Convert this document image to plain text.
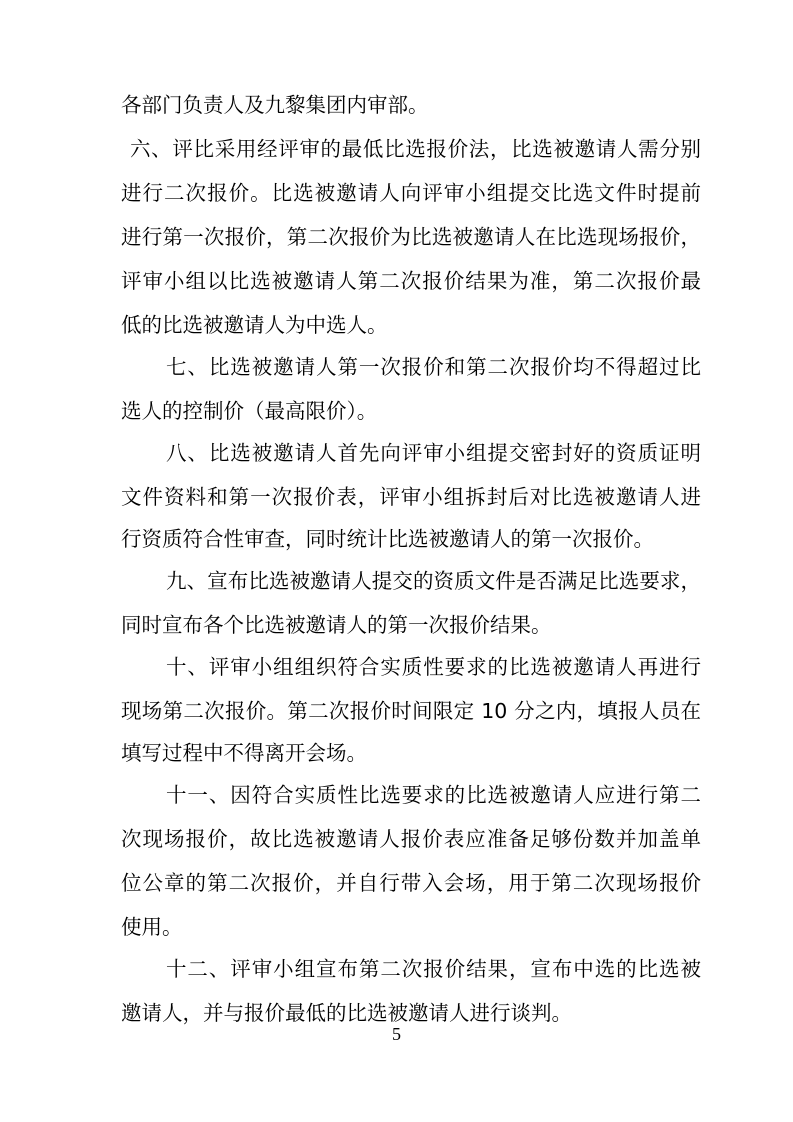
各部门负责人及九黎集团内审部。
六、评比采用经评审的最低比选报价法，比选被邀请人需分别
进行二次报价。比选被邀请人向评审小组提交比选文件时提前
进行第一次报价，第二次报价为比选被邀请人在比选现场报价，
评审小组以比选被邀请人第二次报价结果为准，第二次报价最
低的比选被邀请人为中选人。
七、比选被邀请人第一次报价和第二次报价均不得超过比
选人的控制价（最高限价）。
八、比选被邀请人首先向评审小组提交密封好的资质证明
文件资料和第一次报价表，评审小组拆封后对比选被邀请人进
行资质符合性审查，同时统计比选被邀请人的第一次报价。
九、宣布比选被邀请人提交的资质文件是否满足比选要求，
同时宣布各个比选被邀请人的第一次报价结果。
十、评审小组组织符合实质性要求的比选被邀请人再进行
现场第二次报价。第二次报价时间限定 10 分之内，填报人员在
填写过程中不得离开会场。
十一、因符合实质性比选要求的比选被邀请人应进行第二
次现场报价，故比选被邀请人报价表应准备足够份数并加盖单
位公章的第二次报价，并自行带入会场，用于第二次现场报价
使用。
十二、评审小组宣布第二次报价结果，宣布中选的比选被
邀请人，并与报价最低的比选被邀请人进行谈判。
5
